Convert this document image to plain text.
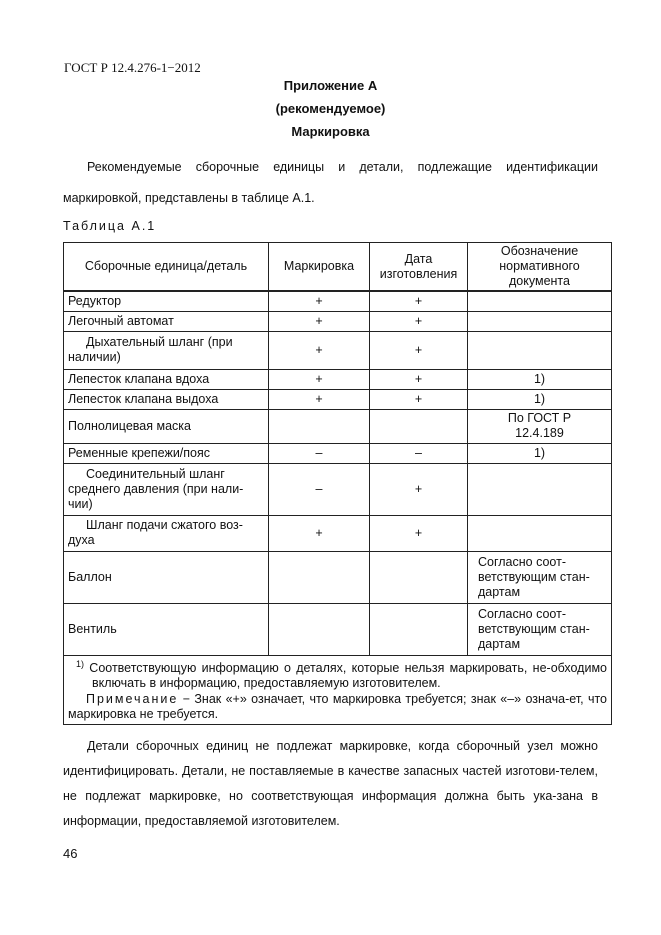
ГОСТ Р 12.4.276-1−2012
Приложение А
(рекомендуемое)
Маркировка
Рекомендуемые сборочные единицы и детали, подлежащие идентификации
маркировкой, представлены в таблице А.1.
Таблица А.1
Сборочные единица/деталь	Маркировка	Дата изготовления	Обозначение нормативного документа
Редуктор	+	+	
Легочный автомат	+	+	
Дыхательный шланг (при наличии)	+	+	
Лепесток клапана вдоха	+	+	1)
Лепесток клапана выдоха	+	+	1)
Полнолицевая маска			По ГОСТ Р 12.4.189
Ременные крепежи/пояс	–	–	1)
Соединительный шланг среднего давления (при нали-чии)	–	+	
Шланг подачи сжатого воз-духа	+	+	
Баллон			Согласно соот-ветствующим стан-дартам
Вентиль			Согласно соот-ветствующим стан-дартам

$^{1)}$ Соответствующую информацию о деталях, которые нельзя маркировать, не-обходимо включать в информацию, предоставляемую изготовителем.
Примечание − Знак «+» означает, что маркировка требуется; знак «–» означа-ет, что маркировка не требуется.			
Детали сборочных единиц не подлежат маркировке, когда сборочный узел можно идентифицировать. Детали, не поставляемые в качестве запасных частей изготови-телем, не подлежат маркировке, но соответствующая информация должна быть ука-зана в информации, предоставляемой изготовителем.
46
